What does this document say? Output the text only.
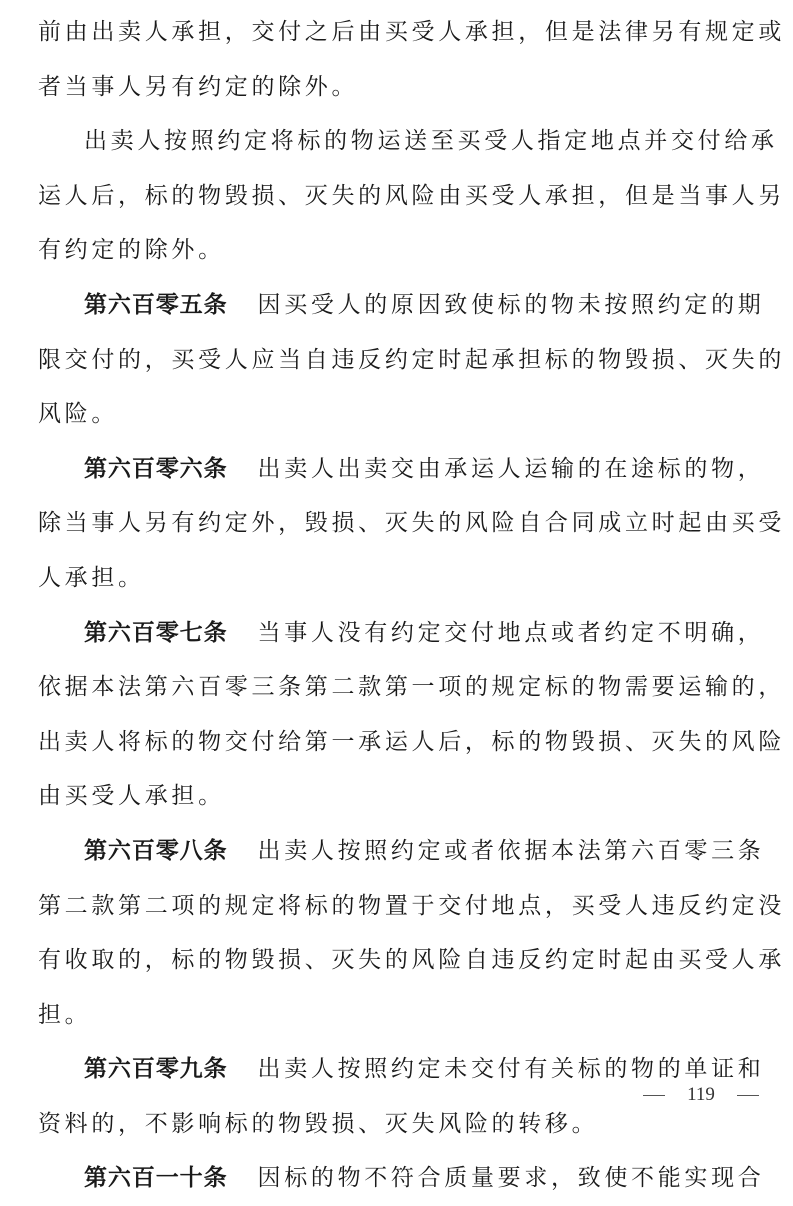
前由出卖人承担，交付之后由买受人承担，但是法律另有规定或
者当事人另有约定的除外。
出卖人按照约定将标的物运送至买受人指定地点并交付给承
运人后，标的物毁损、灭失的风险由买受人承担，但是当事人另
有约定的除外。
第六百零五条 因买受人的原因致使标的物未按照约定的期
限交付的，买受人应当自违反约定时起承担标的物毁损、灭失的
风险。
第六百零六条 出卖人出卖交由承运人运输的在途标的物，
除当事人另有约定外，毁损、灭失的风险自合同成立时起由买受
人承担。
第六百零七条 当事人没有约定交付地点或者约定不明确，
依据本法第六百零三条第二款第一项的规定标的物需要运输的，
出卖人将标的物交付给第一承运人后，标的物毁损、灭失的风险
由买受人承担。
第六百零八条 出卖人按照约定或者依据本法第六百零三条
第二款第二项的规定将标的物置于交付地点，买受人违反约定没
有收取的，标的物毁损、灭失的风险自违反约定时起由买受人承
担。
第六百零九条 出卖人按照约定未交付有关标的物的单证和
资料的，不影响标的物毁损、灭失风险的转移。
第六百一十条 因标的物不符合质量要求，致使不能实现合
119
